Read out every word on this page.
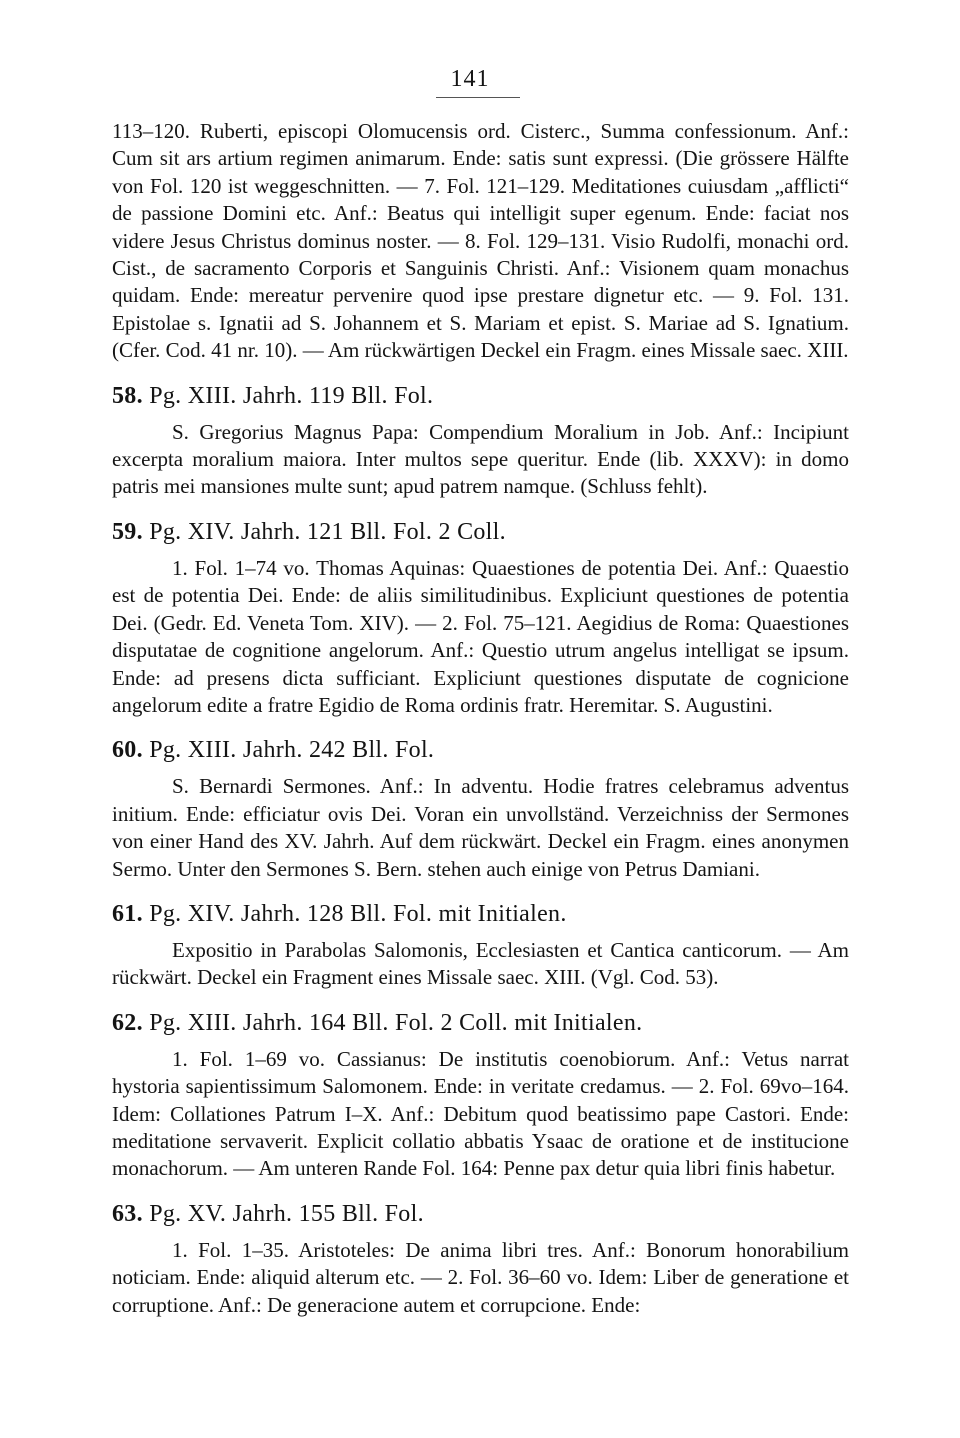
141

113–120. Ruberti, episcopi Olomucensis ord. Cisterc., Summa confessionum. Anf.: Cum sit ars artium regimen animarum. Ende: satis sunt expressi. (Die grössere Hälfte von Fol. 120 ist weggeschnitten. — 7. Fol. 121–129. Meditationes cuiusdam „afflicti“ de passione Domini etc. Anf.: Beatus qui intelligit super egenum. Ende: faciat nos videre Jesus Christus dominus noster. — 8. Fol. 129–131. Visio Rudolfi, monachi ord. Cist., de sacramento Corporis et Sanguinis Christi. Anf.: Visionem quam monachus quidam. Ende: mereatur pervenire quod ipse prestare dignetur etc. — 9. Fol. 131. Epistolae s. Ignatii ad S. Johannem et S. Mariam et epist. S. Mariae ad S. Ignatium. (Cfer. Cod. 41 nr. 10). — Am rückwärtigen Deckel ein Fragm. eines Missale saec. XIII.

58. Pg. XIII. Jahrh. 119 Bll. Fol.

S. Gregorius Magnus Papa: Compendium Moralium in Job. Anf.: Incipiunt excerpta moralium maiora. Inter multos sepe queritur. Ende (lib. XXXV): in domo patris mei mansiones multe sunt; apud patrem namque. (Schluss fehlt).

59. Pg. XIV. Jahrh. 121 Bll. Fol. 2 Coll.

1. Fol. 1–74 vo. Thomas Aquinas: Quaestiones de potentia Dei. Anf.: Quaestio est de potentia Dei. Ende: de aliis similitudinibus. Expliciunt questiones de potentia Dei. (Gedr. Ed. Veneta Tom. XIV). — 2. Fol. 75–121. Aegidius de Roma: Quaestiones disputatae de cognitione angelorum. Anf.: Questio utrum angelus intelligat se ipsum. Ende: ad presens dicta sufficiant. Expliciunt questiones disputate de cognicione angelorum edite a fratre Egidio de Roma ordinis fratr. Heremitar. S. Augustini.

60. Pg. XIII. Jahrh. 242 Bll. Fol.

S. Bernardi Sermones. Anf.: In adventu. Hodie fratres celebramus adventus initium. Ende: efficiatur ovis Dei. Voran ein unvollständ. Verzeichniss der Sermones von einer Hand des XV. Jahrh. Auf dem rückwärt. Deckel ein Fragm. eines anonymen Sermo. Unter den Sermones S. Bern. stehen auch einige von Petrus Damiani.

61. Pg. XIV. Jahrh. 128 Bll. Fol. mit Initialen.

Expositio in Parabolas Salomonis, Ecclesiasten et Cantica canticorum. — Am rückwärt. Deckel ein Fragment eines Missale saec. XIII. (Vgl. Cod. 53).

62. Pg. XIII. Jahrh. 164 Bll. Fol. 2 Coll. mit Initialen.

1. Fol. 1–69 vo. Cassianus: De institutis coenobiorum. Anf.: Vetus narrat hystoria sapientissimum Salomonem. Ende: in veritate credamus. — 2. Fol. 69vo–164. Idem: Collationes Patrum I–X. Anf.: Debitum quod beatissimo pape Castori. Ende: meditatione servaverit. Explicit collatio abbatis Ysaac de oratione et de institucione monachorum. — Am unteren Rande Fol. 164: Penne pax detur quia libri finis habetur.

63. Pg. XV. Jahrh. 155 Bll. Fol.

1. Fol. 1–35. Aristoteles: De anima libri tres. Anf.: Bonorum honorabilium noticiam. Ende: aliquid alterum etc. — 2. Fol. 36–60 vo. Idem: Liber de generatione et corruptione. Anf.: De generacione autem et corrupcione. Ende:
